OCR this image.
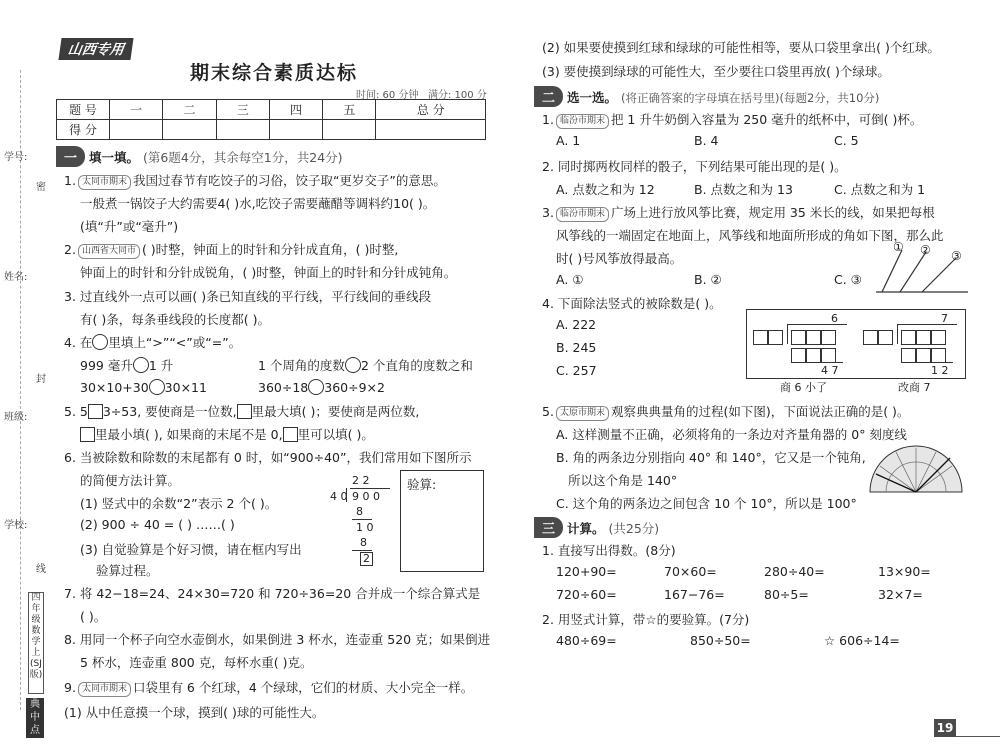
学号:
姓名:
班级:
学校:
密
封
线
四年级数学上(SJ版)
典中点
山西专用
期末综合素质达标
时间: 60 分钟 满分: 100 分
题 号	一	二	三	四	五	总 分
得 分						
一 填一填。 (第6题4分，其余每空1分，共24分)
1. 太同市期末 我国过春节有吃饺子的习俗，饺子取“更岁交子”的意思。
一般煮一锅饺子大约需要4( )水,吃饺子需要蘸醋等调料约10( )。
(填“升”或“毫升”)
2. 山西省大同市 ( )时整，钟面上的时针和分针成直角，( )时整,
钟面上的时针和分针成锐角，( )时整，钟面上的时针和分针成钝角。
3. 过直线外一点可以画( )条已知直线的平行线，平行线间的垂线段
有( )条，每条垂线段的长度都( )。
4. 在 里填上“>”“<”或“=”。
999 毫升 1 升	1 个周角的度数 2 个直角的度数之和
30×10+30 30×11	360÷18 360÷9×2
5. 5 3÷53, 要使商是一位数, 里最大填( )；要使商是两位数,
里最小填( ), 如果商的末尾不是 0, 里可以填( )。
6. 当被除数和除数的末尾都有 0 时，如“900÷40”，我们常用如下图所示
的简便方法计算。
(1) 竖式中的余数“2”表示 2 个( )。
(2) 900 ÷ 40 = ( ) ……( )
(3) 自觉验算是个好习惯，请在框内写出
验算过程。
2 2
4 0 9 0 0
8
1 0
8
2
验算:
7. 将 42−18=24、24×30=720 和 720÷36=20 合并成一个综合算式是
( )。
8. 用同一个杯子向空水壶倒水，如果倒进 3 杯水，连壶重 520 克；如果倒进
5 杯水，连壶重 800 克，每杯水重( )克。
9. 太同市期末 口袋里有 6 个红球，4 个绿球，它们的材质、大小完全一样。
(1) 从中任意摸一个球，摸到( )球的可能性大。
(2) 如果要使摸到红球和绿球的可能性相等，要从口袋里拿出( )个红球。
(3) 要使摸到绿球的可能性大，至少要往口袋里再放( )个绿球。
二 选一选。 (将正确答案的字母填在括号里)(每题2分，共10分)
1. 临汾市期末 把 1 升牛奶倒入容量为 250 毫升的纸杯中，可倒( )杯。
A. 1	B. 4	C. 5
2. 同时掷两枚同样的骰子，下列结果可能出现的是( )。
A. 点数之和为 12	B. 点数之和为 13	C. 点数之和为 1
3. 临汾市期末 广场上进行放风筝比赛，规定用 35 米长的线，如果把每根
风筝线的一端固定在地面上，风筝线和地面所形成的角如下图，那么此
时( )号风筝放得最高。
A. ①	B. ②	C. ③
① ② ③
4. 下面除法竖式的被除数是( )。
A. 222
B. 245
C. 257
6
4 7
7
1 2
商 6 小了	改商 7
5. 太原市期末 观察典典量角的过程(如下图)，下面说法正确的是( )。
A. 这样测量不正确，必须将角的一条边对齐量角器的 0° 刻度线
B. 角的两条边分别指向 40° 和 140°，它又是一个钝角,
所以这个角是 140°
C. 这个角的两条边之间包含 10 个 10°，所以是 100°
三 计算。 (共25分)
1. 直接写出得数。(8分)
120+90=	70×60=	280÷40=	13×90=
720÷60=	167−76=	80÷5=	32×7=
2. 用竖式计算，带☆的要验算。(7分)
480÷69=	850÷50=	☆ 606÷14=
19
